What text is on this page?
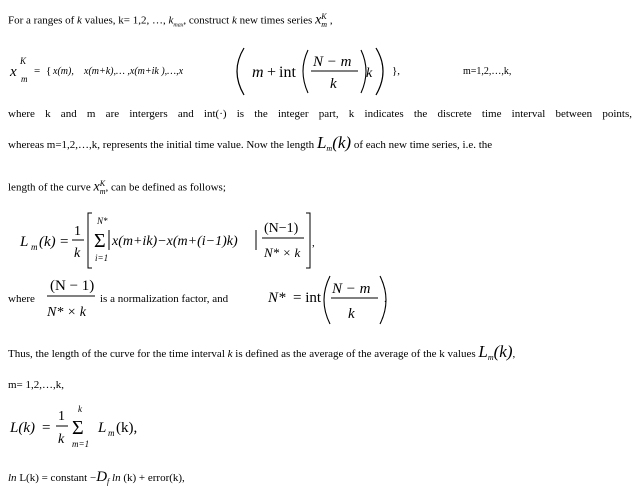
For a ranges of k values, k= 1,2, …, $k_{max}$, construct k new times series x K
m ,
x
K
m
= { x(m), x(m+k),… ,x(m+ik ),…,x	m + int
N − m
k
k },	m=1,2,…,k,
where k and m are intergers and int(·) is the integer part, k indicates the discrete time interval between points,
whereas m=1,2,…,k, represents the initial time value. Now the length $L_m(k)$ of each new time series, i.e. the
length of the curve x K
m , can be defined as follows;
L m (k) =
1
k
N*
Σ
i=1
x(m+ik)−x(m+(i−1)k)
(N−1)
N* × k
,
where
(N − 1)
N* × k
is a normalization factor, and	N* = int
N − m
k
.
Thus, the length of the curve for the time interval k is defined as the average of the average of the k values $L_m(k)$,
m= 1,2,…,k,
L(k) =
1
k
k
Σ
m=1
L m (k),
ln L(k) = constant $-D_f$ ln (k) + error(k),
